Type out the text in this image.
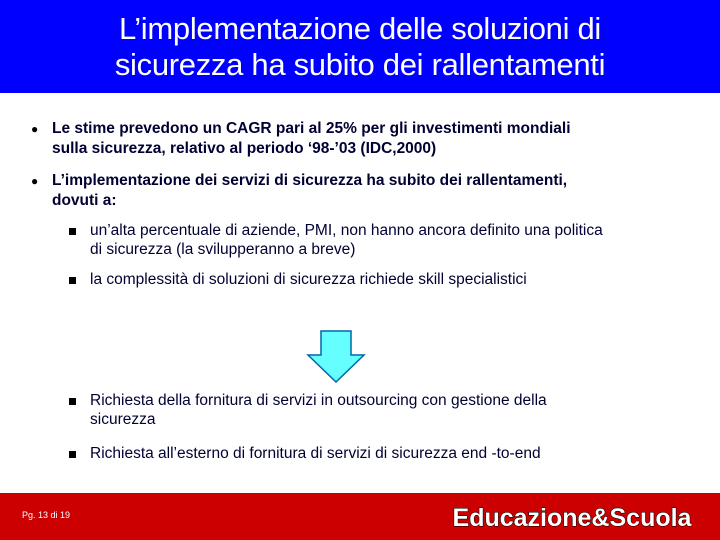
L’implementazione delle soluzioni di
sicurezza ha subito dei rallentamenti
● Le stime prevedono un CAGR pari al 25% per gli investimenti mondiali
sulla sicurezza, relativo al periodo ‘98-’03 (IDC,2000)
● L’implementazione dei servizi di sicurezza ha subito dei rallentamenti,
dovuti a:
un’alta percentuale di aziende, PMI, non hanno ancora definito una politica
di sicurezza (la svilupperanno a breve)
la complessità di soluzioni di sicurezza richiede skill specialistici
Richiesta della fornitura di servizi in outsourcing con gestione della
sicurezza
Richiesta all’esterno di fornitura di servizi di sicurezza end -to-end
Pg. 13 di 19	Educazione&Scuola
